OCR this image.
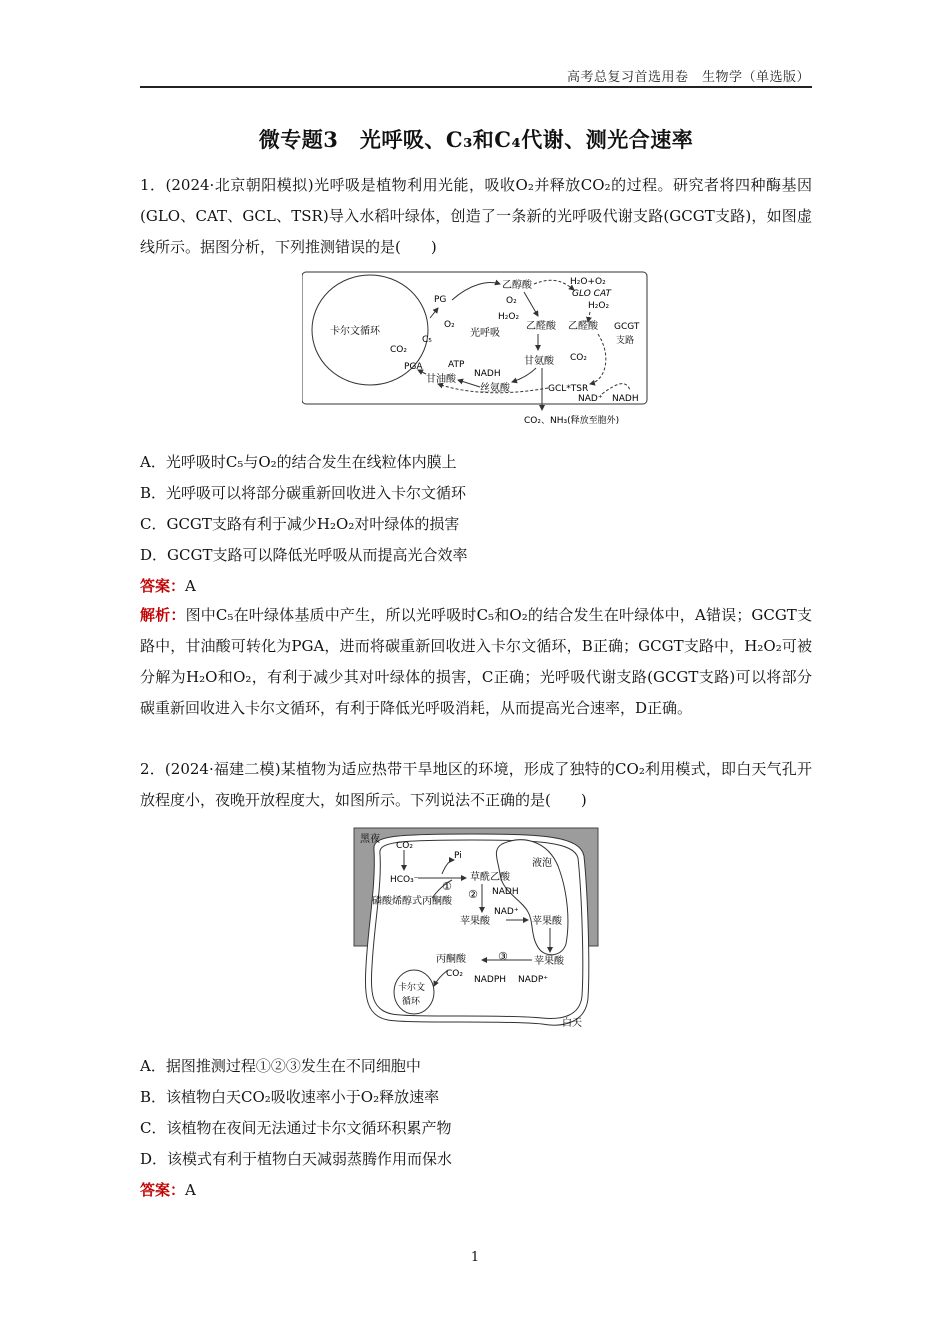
高考总复习首选用卷　生物学（单选版）
微专题3　光呼吸、C₃和C₄代谢、测光合速率
1．(2024·北京朝阳模拟)光呼吸是植物利用光能，吸收O₂并释放CO₂的过程。研究者将四种酶基因(GLO、CAT、GCL、TSR)导入水稻叶绿体，创造了一条新的光呼吸代谢支路(GCGT支路)，如图虚线所示。据图分析，下列推测错误的是(　　)
卡尔文循环
PG
O₂
C₅
CO₂
PGA	ATP
甘油酸 NADH
丝氨酸
光呼吸
乙醇酸
O₂
H₂O₂
乙醛酸
甘氨酸
H₂O+O₂
GLO CAT
H₂O₂
乙醛酸 GCGT
支路
CO₂
GCL*TSR
NAD⁺ NADH
CO₂、NH₃(释放至胞外)
A．光呼吸时C₅与O₂的结合发生在线粒体内膜上
B．光呼吸可以将部分碳重新回收进入卡尔文循环
C．GCGT支路有利于减少H₂O₂对叶绿体的损害
D．GCGT支路可以降低光呼吸从而提高光合效率
答案：A
解析：图中C₅在叶绿体基质中产生，所以光呼吸时C₅和O₂的结合发生在叶绿体中，A错误；GCGT支路中，甘油酸可转化为PGA，进而将碳重新回收进入卡尔文循环，B正确；GCGT支路中，H₂O₂可被分解为H₂O和O₂，有利于减少其对叶绿体的损害，C正确；光呼吸代谢支路(GCGT支路)可以将部分碳重新回收进入卡尔文循环，有利于降低光呼吸消耗，从而提高光合速率，D正确。
2．(2024·福建二模)某植物为适应热带干旱地区的环境，形成了独特的CO₂利用模式，即白天气孔开放程度小，夜晚开放程度大，如图所示。下列说法不正确的是(　　)
黑夜
CO₂
Pi
HCO₃⁻	草酰乙酸
磷酸烯醇式丙酮酸
NADH
NAD⁺
苹果酸
液泡
苹果酸
①
②
③
丙酮酸
CO₂
苹果酸
NADPH NADP⁺
卡尔文
循环
白天
A．据图推测过程①②③发生在不同细胞中
B．该植物白天CO₂吸收速率小于O₂释放速率
C．该植物在夜间无法通过卡尔文循环积累产物
D．该模式有利于植物白天减弱蒸腾作用而保水
答案：A
1
